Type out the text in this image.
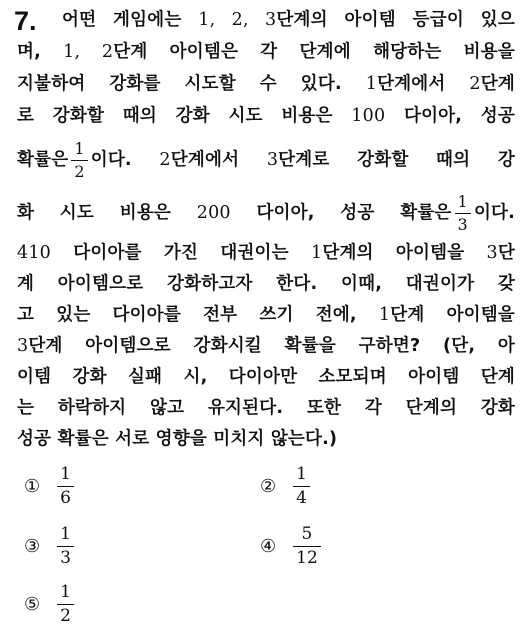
7. 어떤 게임에는 1, 2, 3단계의 아이템 등급이 있으
며, 1, 2단계 아이템은 각 단계에 해당하는 비용을
지불하여 강화를 시도할 수 있다. 1단계에서 2단계
로 강화할 때의 강화 시도 비용은 100 다이아, 성공
확률은 $\frac{1}{2}$ 이다. 2단계에서 3단계로 강화할 때의 강
화 시도 비용은 200 다이아, 성공 확률은 $\frac{1}{3}$ 이다.
410 다이아를 가진 대권이는 1단계의 아이템을 3단
계 아이템으로 강화하고자 한다. 이때, 대권이가 갖
고 있는 다이아를 전부 쓰기 전에, 1단계 아이템을
3단계 아이템으로 강화시킬 확률을 구하면? (단, 아
이템 강화 실패 시, 다이아만 소모되며 아이템 단계
는 하락하지 않고 유지된다. 또한 각 단계의 강화
성공 확률은 서로 영향을 미치지 않는다.)
① $\frac{1}{6}$	② $\frac{1}{4}$
③ $\frac{1}{3}$	④ $\frac{5}{12}$
⑤ $\frac{1}{2}$
